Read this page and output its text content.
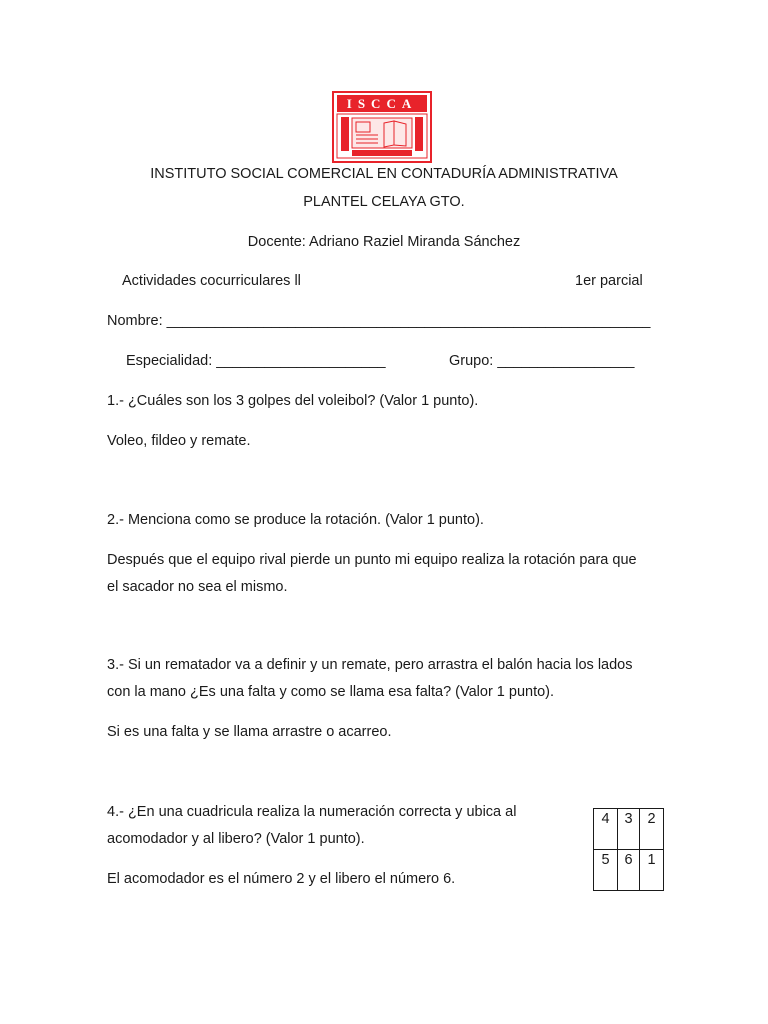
ISCCA
INSTITUTO SOCIAL COMERCIAL EN CONTADURÍA ADMINISTRATIVA
PLANTEL CELAYA GTO.
Docente: Adriano Raziel Miranda Sánchez
Actividades cocurriculares ll	1er parcial
Nombre: ____________________________________________________________
Especialidad: _____________________	Grupo: _________________
1.- ¿Cuáles son los 3 golpes del voleibol? (Valor 1 punto).
Voleo, fildeo y remate.
2.- Menciona como se produce la rotación. (Valor 1 punto).
Después que el equipo rival pierde un punto mi equipo realiza la rotación para que
el sacador no sea el mismo.
3.- Si un rematador va a definir y un remate, pero arrastra el balón hacia los lados
con la mano ¿Es una falta y como se llama esa falta? (Valor 1 punto).
Si es una falta y se llama arrastre o acarreo.
4.- ¿En una cuadricula realiza la numeración correcta y ubica al
acomodador y al libero? (Valor 1 punto).
El acomodador es el número 2 y el libero el número 6.
4	3	2
5	6	1
